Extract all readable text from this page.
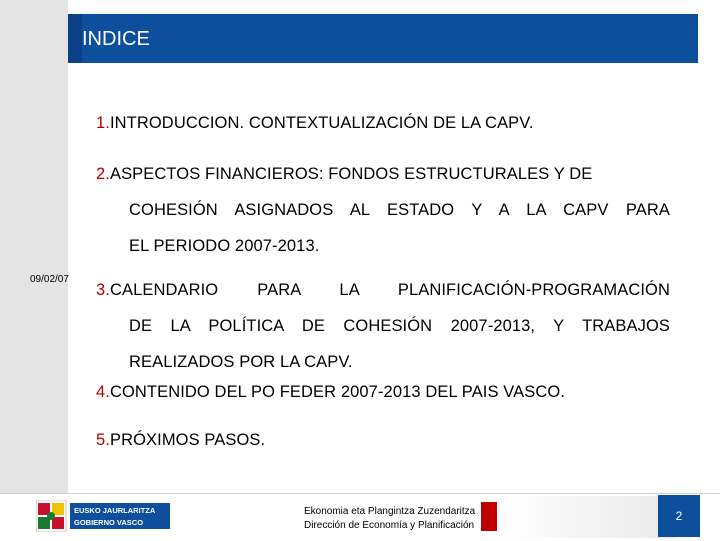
INDICE
09/02/07
1.INTRODUCCION. CONTEXTUALIZACIÓN DE LA CAPV.
2.ASPECTOS FINANCIEROS: FONDOS ESTRUCTURALES Y DE
COHESIÓN ASIGNADOS AL ESTADO Y A LA CAPV PARA
EL PERIODO 2007-2013.
3.CALENDARIO PARA LA PLANIFICACIÓN-PROGRAMACIÓN
DE LA POLÍTICA DE COHESIÓN 2007-2013, Y TRABAJOS
REALIZADOS POR LA CAPV.
4.CONTENIDO DEL PO FEDER 2007-2013 DEL PAIS VASCO.
5.PRÓXIMOS PASOS.
EUSKO JAURLARITZA
GOBIERNO VASCO
Ekonomia eta Plangintza Zuzendaritza
Dirección de Economía y Planificación
2
